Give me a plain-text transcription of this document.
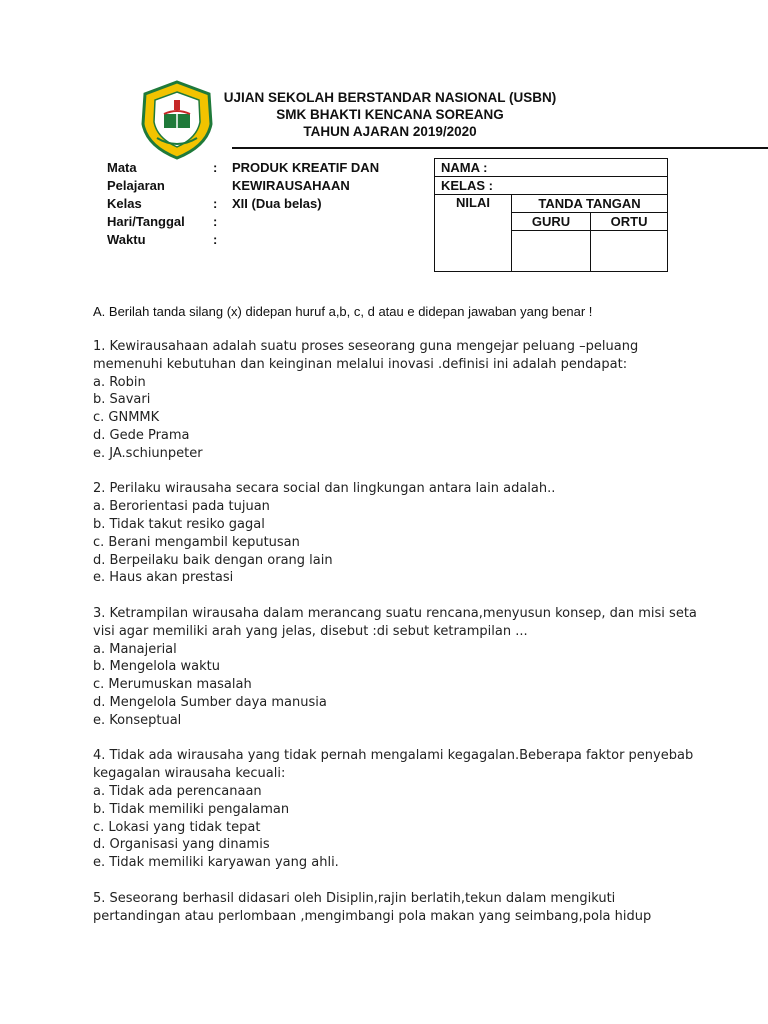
UJIAN SEKOLAH BERSTANDAR NASIONAL (USBN)
SMK BHAKTI KENCANA SOREANG
TAHUN AJARAN 2019/2020
Mata	: PRODUK KREATIF DAN
Pelajaran	KEWIRAUSAHAAN
Kelas	: XII (Dua belas)
Hari/Tanggal :
Waktu	:
NAMA :		
KELAS :		
NILAI	TANDA TANGAN	
	GURU	ORTU

A. Berilah tanda silang (x) didepan huruf a,b, c, d atau e didepan jawaban yang benar !
1. Kewirausahaan adalah suatu proses seseorang guna mengejar peluang –peluang
memenuhi kebutuhan dan keinginan melalui inovasi .definisi ini adalah pendapat:
a. Robin
b. Savari
c. GNMMK
d. Gede Prama
e. JA.schiunpeter
2. Perilaku wirausaha secara social dan lingkungan antara lain adalah..
a. Berorientasi pada tujuan
b. Tidak takut resiko gagal
c. Berani mengambil keputusan
d. Berpeilaku baik dengan orang lain
e. Haus akan prestasi
3. Ketrampilan wirausaha dalam merancang suatu rencana,menyusun konsep, dan misi seta
visi agar memiliki arah yang jelas, disebut :di sebut ketrampilan ...
a. Manajerial
b. Mengelola waktu
c. Merumuskan masalah
d. Mengelola Sumber daya manusia
e. Konseptual
4. Tidak ada wirausaha yang tidak pernah mengalami kegagalan.Beberapa faktor penyebab
kegagalan wirausaha kecuali:
a. Tidak ada perencanaan
b. Tidak memiliki pengalaman
c. Lokasi yang tidak tepat
d. Organisasi yang dinamis
e. Tidak memiliki karyawan yang ahli.
5. Seseorang berhasil didasari oleh Disiplin,rajin berlatih,tekun dalam mengikuti
pertandingan atau perlombaan ,mengimbangi pola makan yang seimbang,pola hidup
